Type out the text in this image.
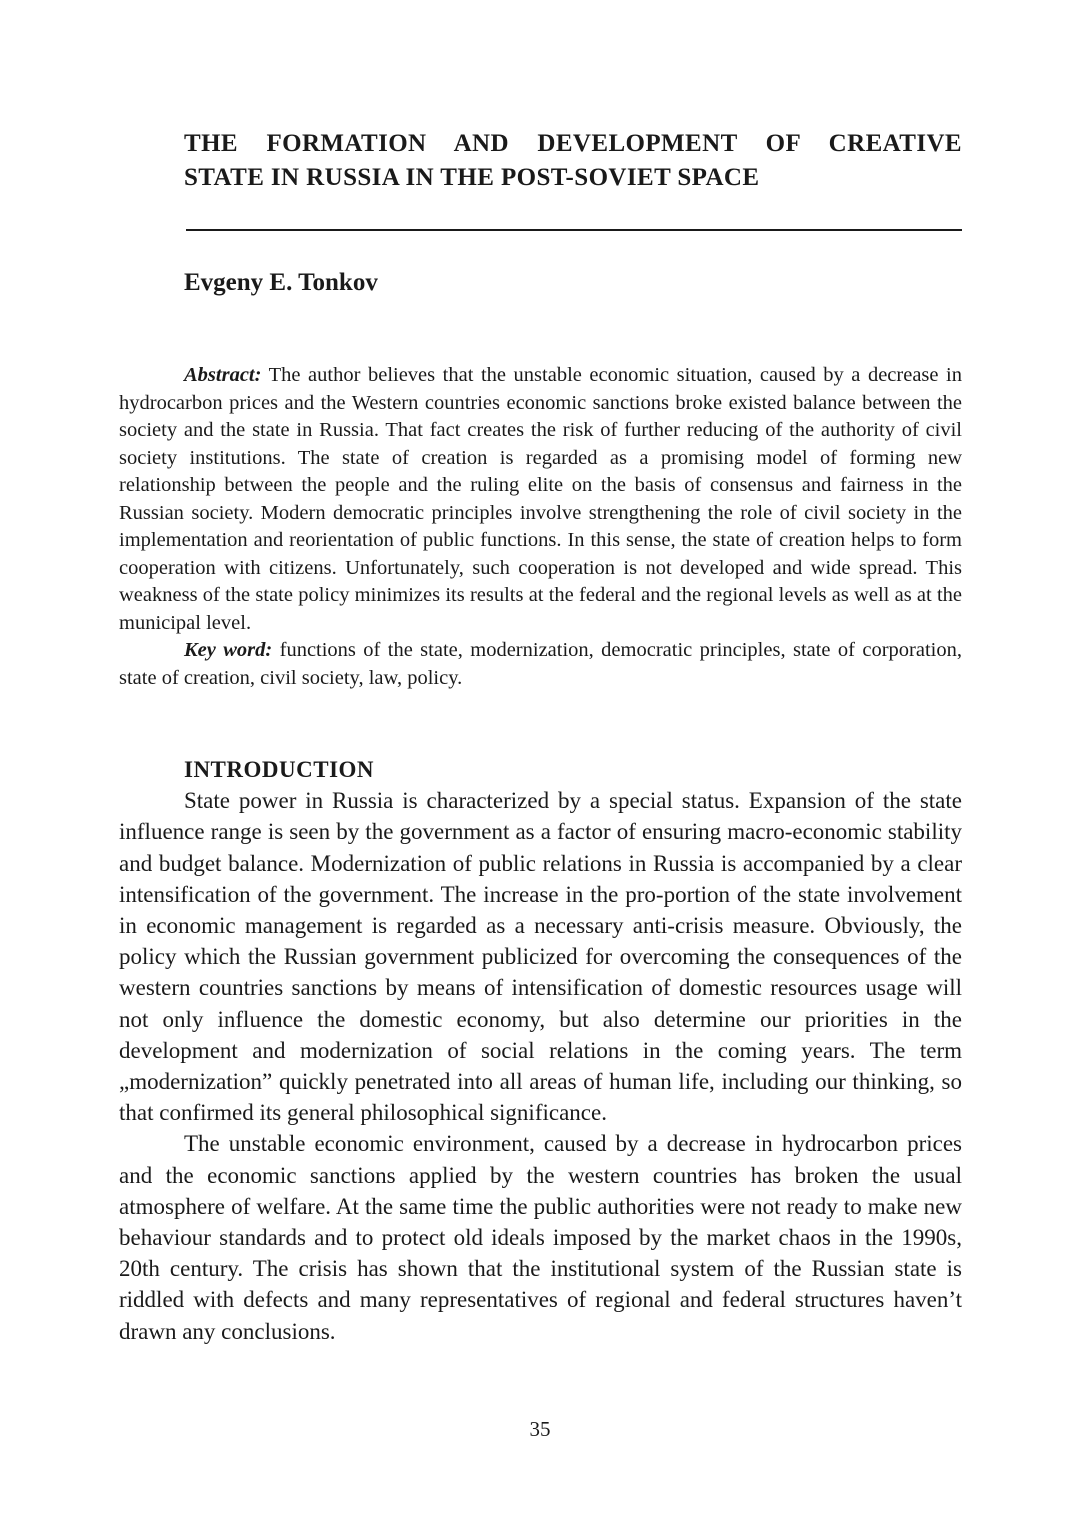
THE FORMATION AND DEVELOPMENT OF CREATIVE
STATE IN RUSSIA IN THE POST-SOVIET SPACE
Evgeny E. Tonkov

Abstract: The author believes that the unstable economic situation, caused by a decrease in hydrocarbon prices and the Western countries economic sanctions broke existed balance between the society and the state in Russia. That fact creates the risk of further reducing of the authority of civil society institutions. The state of creation is regarded as a promising model of forming new relationship between the people and the ruling elite on the basis of consensus and fairness in the Russian society. Modern democratic principles involve strengthening the role of civil society in the implementation and reorientation of public functions. In this sense, the state of creation helps to form cooperation with citizens. Unfortunately, such cooperation is not developed and wide spread. This weakness of the state policy minimizes its results at the federal and the regional levels as well as at the municipal level.

Key word: functions of the state, modernization, democratic principles, state of corporation, state of creation, civil society, law, policy.

INTRODUCTION

State power in Russia is characterized by a special status. Expansion of the state influence range is seen by the government as a factor of ensuring macro-economic stability and budget balance. Modernization of public relations in Russia is accompanied by a clear intensification of the government. The increase in the pro-portion of the state involvement in economic management is regarded as a necessary anti-crisis measure. Obviously, the policy which the Russian government publicized for overcoming the consequences of the western countries sanctions by means of intensification of domestic resources usage will not only influence the domestic economy, but also determine our priorities in the development and modernization of social relations in the coming years. The term „modernization” quickly penetrated into all areas of human life, including our thinking, so that confirmed its general philosophical significance.

The unstable economic environment, caused by a decrease in hydrocarbon prices and the economic sanctions applied by the western countries has broken the usual atmosphere of welfare. At the same time the public authorities were not ready to make new behaviour standards and to protect old ideals imposed by the market chaos in the 1990s, 20th century. The crisis has shown that the institutional system of the Russian state is riddled with defects and many representatives of regional and federal structures haven’t drawn any conclusions.

35
